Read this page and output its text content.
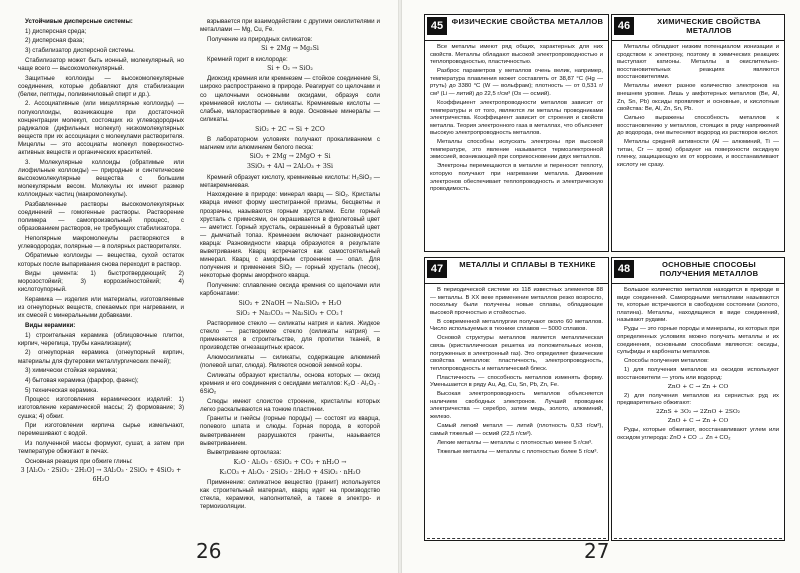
Устойчивые дисперсные системы:

1) дисперсная среда;

2) дисперсная фаза;

3) стабилизатор дисперсной системы.

Стабилизатор может быть ионный, молекулярный, но чаще всего — высокомолекулярный.

Защитные коллоиды — высокомолекулярные соединения, которые добавляют для стабилизации (белки, пептиды, поливиниловый спирт и др.).

2. Ассоциативные (или мицеллярные коллоиды) — полуколлоиды, возникающие при достаточной концентрации молекул, состоящих из углеводородных радикалов (дифильных молекул) низкомолекулярных веществ при их ассоциации с молекулами растворителя. Мицеллы — это ассоциаты молекул поверхностно-активных веществ и органических красителей.

3. Молекулярные коллоиды (обратимые или лиофильные коллоиды) — природные и синтетические высокомолекулярные вещества с большим молекулярным весом. Молекулы их имеют размер коллоидных частиц (макромолекулы).

Разбавленные растворы высокомолекулярных соединений — гомогенные растворы. Растворение полимера — самопроизвольный процесс, с образованием растворов, не требующих стабилизатора.

Неполярные макромолекулы растворяются в углеводородах, полярные — в полярных растворителях.

Обратимые коллоиды — вещества, сухой остаток которых после выпаривания снова переходит в раствор.

Виды цемента: 1) быстротвердеющий; 2) морозостойкий; 3) коррозийностойкий; 4) кислотоупорный.

Керамика — изделия или материалы, изготовляемые из огнеупорных веществ, спекаемых при нагревании, и их смесей с минеральными добавками.

Виды керамики:

1) строительная керамика (облицовочные плитки, кирпич, черепица, трубы канализации);

2) огнеупорная керамика (огнеупорный кирпич, материалы для футеровки металлургических печей);

3) химически стойкая керамика;

4) бытовая керамика (фарфор, фаянс);

5) техническая керамика.

Процесс изготовления керамических изделий: 1) изготовление керамической массы; 2) формование; 3) сушка; 4) обжиг.

При изготовлении кирпича сырье измельчают, перемешивают с водой.

Из полученной массы формуют, сушат, а затем при температуре обжигают в печах.

Основная реакция при обжиге глины:

3 [Al₂O₃ · 2SiO₂ · 2H₂O] → 3Al₂O₃ · 2SiO₂ + 4SiO₂ + 6H₂O

взрывается при взаимодействии с другими окислителями и металлами — Mg, Cu, Fe.

Получение из природных силикатов:

Si + 2Mg → Mg₂Si

Кремний горит в кислороде:

Si + O₂ → SiO₂

Диоксид кремния или кремнезем — стойкое соединение Si, широко распространено в природе. Реагирует со щелочами и со щелочными основными оксидами, образуя соли кремниевой кислоты — силикаты. Кремниевые кислоты — слабые, малорастворимые в воде. Основные минералы — силикаты.

SiO₂ + 2C → Si + 2CO

В лабораторном условиях получают прокаливанием с магнием или алюминием белого песка:

SiO₂ + 2Mg → 2MgO + Si

3SiO₂ + 4Al → 2Al₂O₃ + 3Si

Кремний образует кислоту, кремниевые кислоты: H₂SiO₃ — метакремниевая.

Нахождение в природе: минерал кварц — SiO₂. Кристалы кварца имеют форму шестигранной призмы, бесцветны и прозрачны, называются горным хрусталем. Если горный хрусталь с примесями, он окрашивается в фиолетовый цвет — аметист. Горный хрусталь, окрашенный в буроватый цвет — дымчатый топаз. Кремнезем включает разновидности кварца: Разновидности кварца образуются в результате выветривания. Кварц встречается как самостоятельный минерал. Кварц с аморфным строением — опал. Для получения и применения SiO₂ — горный хрусталь (песок), некоторые формы аморфного кварца.

Получение: сплавление оксида кремния со щелочами или карбонатами:

SiO₂ + 2NaOH → Na₂SiO₃ + H₂O

SiO₂ + Na₂CO₃ → Na₂SiO₃ + CO₂↑

Растворимое стекло — силикаты натрия и калия. Жидкое стекло — растворимое стекло (силикаты натрия) — применяется в строительстве, для пропитки тканей, в производстве огнезащитных красок.

Алюмосиликаты — силикаты, содержащие алюминий (полевой шпат, слюда). Являются основой земной коры.

Силикаты образуют кристаллы, основа которых — оксид кремния и его соединения с оксидами металлов: K₂O · Al₂O₃ · 6SiO₂

Слюды имеют слоистое строение, кристаллы которых легко раскалываются на тонкие пластинки.

Граниты и гнейсы (горные породы) — состоят из кварца, полевого шпата и слюды. Горная порода, в которой выветриванием разрушаются граниты, называется выветриванием.

Выветривание ортоклаза:

K₂O · Al₂O₃ · 6SiO₂ + CO₂ + nH₂O →

K₂CO₃ + Al₂O₃ · 2SiO₂ · 2H₂O + 4SiO₂ · nH₂O

Применение: силикатное вещество (гранит) используется как строительный материал, кварц идет на производство стекла, керамики, наполнителей, а также в электро- и термоизоляции.

26
45	ФИЗИЧЕСКИЕ СВОЙСТВА МЕТАЛЛОВ

Все металлы имеют ряд общих, характерных для них свойств. Металлы обладают высокой электропроводностью и теплопроводностью, пластичностью.

Разброс параметров у металлов очень велик, например, температура плавления может составлять от 38,87 °C (Hg — ртуть) до 3380 °C (W — вольфрам); плотность — от 0,531 г/см³ (Li — литий) до 22,5 г/см³ (Os — осмий).

Коэффициент электропроводности металлов зависит от температуры и от того, являются ли металлы проводниками электричества. Коэффициент зависит от строения и свойств металла. Теория электронного газа в металлах, что объясняет высокую электропроводность металлов.

Металлы способны испускать электроны при высокой температуре, это явление называется термоэлектронной эмиссией, возникающей при соприкосновении двух металлов.

Электроны перемещаются в металле и переносят теплоту, которую получают при нагревании металла. Движение электронов обеспечивает теплопроводность и электрическую проводимость.

46	ХИМИЧЕСКИЕ СВОЙСТВА МЕТАЛЛОВ

Металлы обладают низким потенциалом ионизации и сродством к электрону, поэтому в химических реакциях выступают катионы. Металлы в окислительно-восстановительных реакциях являются восстановителями.

Металлы имеют разное количество электронов на внешнем уровне. Лишь у амфотерных металлов (Be, Al, Zn, Sn, Pb) оксиды проявляют и основные, и кислотные свойства: Be, Al, Zn, Sn, Pb.

Сильно выражены способность металлов к восстановлению у металлов, стоящих в ряду напряжений до водорода, они вытесняют водород из растворов кислот.

Металлы средней активности (Al — алюминий, Ti — титан, Cr — хром) образуют на поверхности оксидную пленку, защищающую их от коррозии, и восстанавливают кислоту не сразу.

47	МЕТАЛЛЫ И СПЛАВЫ В ТЕХНИКЕ

В периодической системе из 118 известных элементов 88 — металлы. В ХХ веке применение металлов резко возросло, поскольку были получены новые сплавы, обладающие высокой прочностью и стойкостью.

В современной металлургии получают около 60 металлов. Число используемых в технике сплавов — 5000 сплавов.

Основой структуры металлов является металлическая связь (кристаллическая решетка из положительных ионов, погруженных в электронный газ). Это определяет физические свойства металлов: пластичность, электропроводность, теплопроводность и металлический блеск.

Пластичность — способность металлов изменять форму. Уменьшается в ряду Au, Ag, Cu, Sn, Pb, Zn, Fe.

Высокая электропроводность металлов объясняется наличием свободных электронов. Лучший проводник электричества — серебро, затем медь, золото, алюминий, железо.

Самый легкий металл — литий (плотность 0,53 г/см³), самый тяжелый — осмий (22,5 г/см³).

Легкие металлы — металлы с плотностью менее 5 г/см³.

Тяжелые металлы — металлы с плотностью более 5 г/см³.

48	ОСНОВНЫЕ СПОСОБЫ ПОЛУЧЕНИЯ МЕТАЛЛОВ

Большое количество металлов находится в природе в виде соединений. Самородными металлами называются те, которые встречаются в свободном состоянии (золото, платина). Металлы, находящиеся в виде соединений, называют рудами.

Руды — это горные породы и минералы, из которых при определенных условиях можно получать металлы и их соединения, основными способами являются: оксиды, сульфиды и карбонаты металлов.

Способы получения металлов:

1) для получения металлов из оксидов используют восстановители — уголь или водород:

ZnO + C → Zn + CO

2) для получения металлов из сернистых руд их предварительно обжигают:

2ZnS + 3O₂ → 2ZnO + 2SO₂

ZnO + C → Zn + CO

Руды, которые обжигают, восстанавливают углем или оксидом углерода: ZnO + CO → Zn + CO₂

27
